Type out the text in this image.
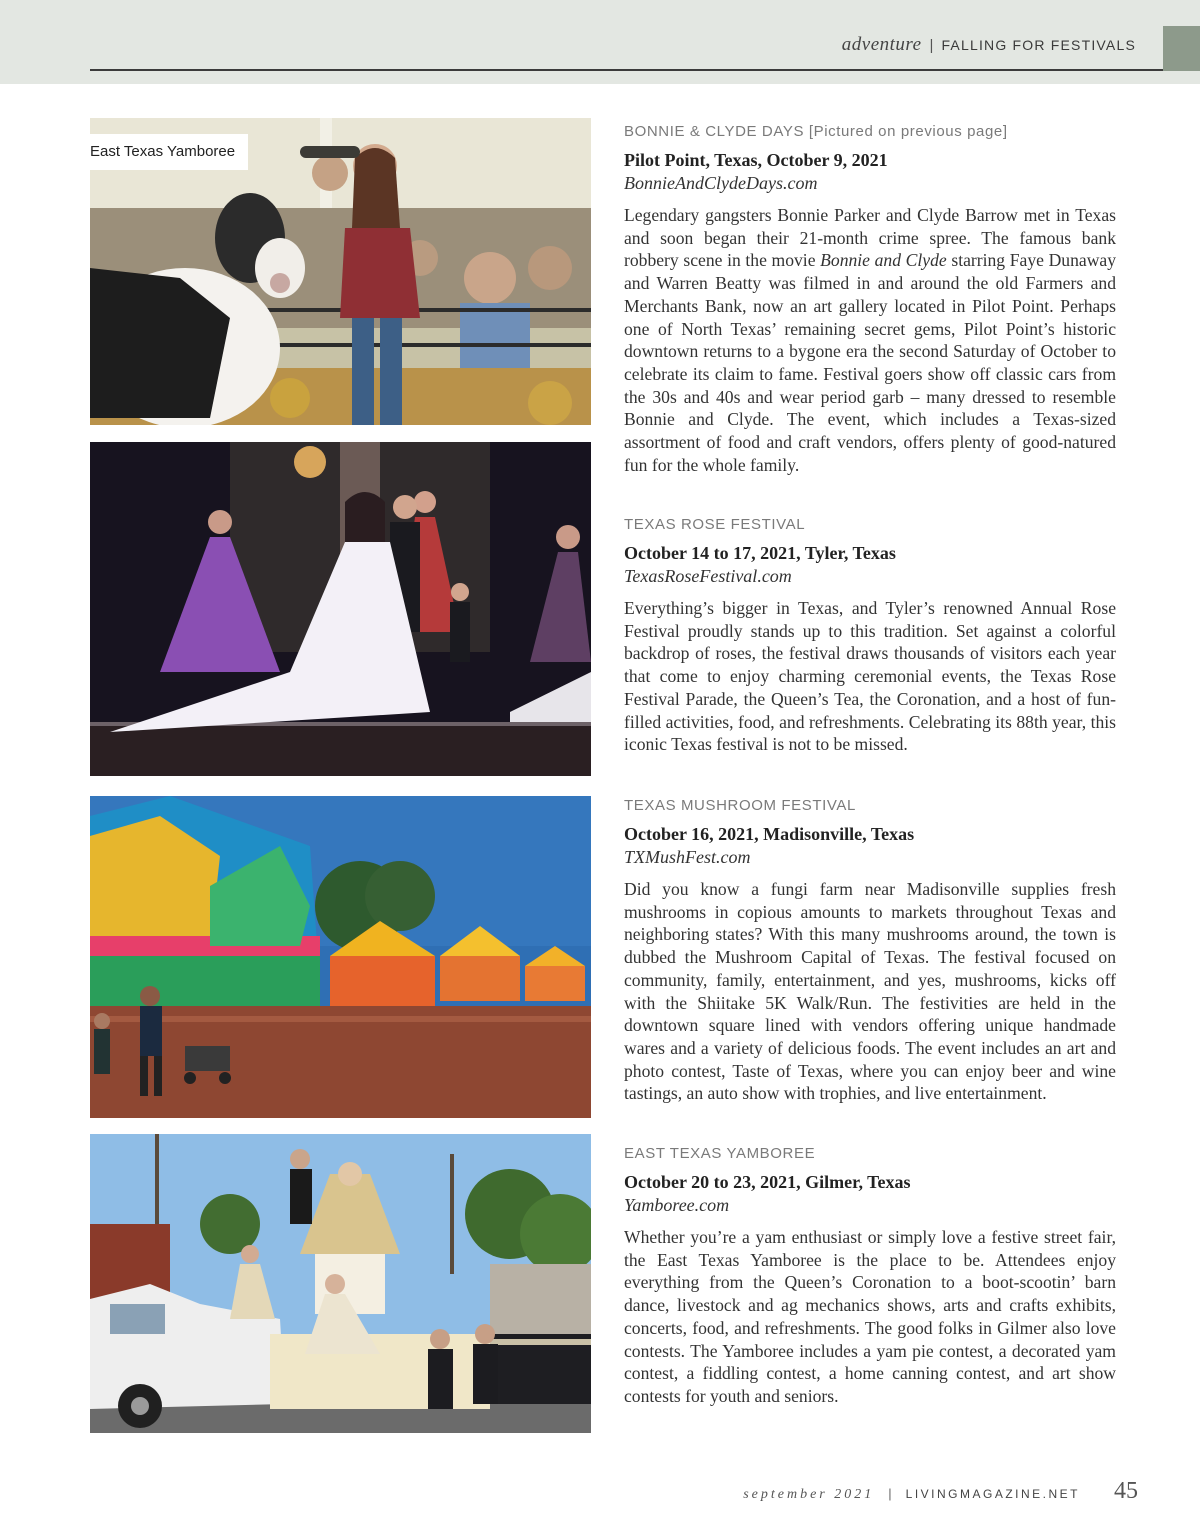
adventure | FALLING FOR FESTIVALS
East Texas Yamboree

BONNIE & CLYDE DAYS [Pictured on previous page]

Pilot Point, Texas, October 9, 2021

BonnieAndClydeDays.com

Legendary gangsters Bonnie Parker and Clyde Barrow met in Texas and soon began their 21-month crime spree. The famous bank robbery scene in the movie Bonnie and Clyde starring Faye Dunaway and Warren Beatty was filmed in and around the old Farmers and Merchants Bank, now an art gallery located in Pilot Point. Perhaps one of North Texas’ remaining secret gems, Pilot Point’s historic downtown returns to a bygone era the second Saturday of October to celebrate its claim to fame. Festival goers show off classic cars from the 30s and 40s and wear period garb – many dressed to resemble Bonnie and Clyde. The event, which includes a Texas-sized assortment of food and craft vendors, offers plenty of good-natured fun for the whole family.

TEXAS ROSE FESTIVAL

October 14 to 17, 2021, Tyler, Texas

TexasRoseFestival.com

Everything’s bigger in Texas, and Tyler’s renowned Annual Rose Festival proudly stands up to this tradition. Set against a colorful backdrop of roses, the festival draws thousands of visitors each year that come to enjoy charming ceremonial events, the Texas Rose Festival Parade, the Queen’s Tea, the Coronation, and a host of fun-filled activities, food, and refreshments. Celebrating its 88th year, this iconic Texas festival is not to be missed.

TEXAS MUSHROOM FESTIVAL

October 16, 2021, Madisonville, Texas

TXMushFest.com

Did you know a fungi farm near Madisonville supplies fresh mushrooms in copious amounts to markets throughout Texas and neighboring states? With this many mushrooms around, the town is dubbed the Mushroom Capital of Texas. The festival focused on community, family, entertainment, and yes, mushrooms, kicks off with the Shiitake 5K Walk/Run. The festivities are held in the downtown square lined with vendors offering unique handmade wares and a variety of delicious foods. The event includes an art and photo contest, Taste of Texas, where you can enjoy beer and wine tastings, an auto show with trophies, and live entertainment.

EAST TEXAS YAMBOREE

October 20 to 23, 2021, Gilmer, Texas

Yamboree.com

Whether you’re a yam enthusiast or simply love a festive street fair, the East Texas Yamboree is the place to be. Attendees enjoy everything from the Queen’s Coronation to a boot-scootin’ barn dance, livestock and ag mechanics shows, arts and crafts exhibits, concerts, food, and refreshments. The good folks in Gilmer also love contests. The Yamboree includes a yam pie contest, a decorated yam contest, a fiddling contest, a home canning contest, and art show contests for youth and seniors.

september 2021 | LIVINGMAGAZINE.NET 45
